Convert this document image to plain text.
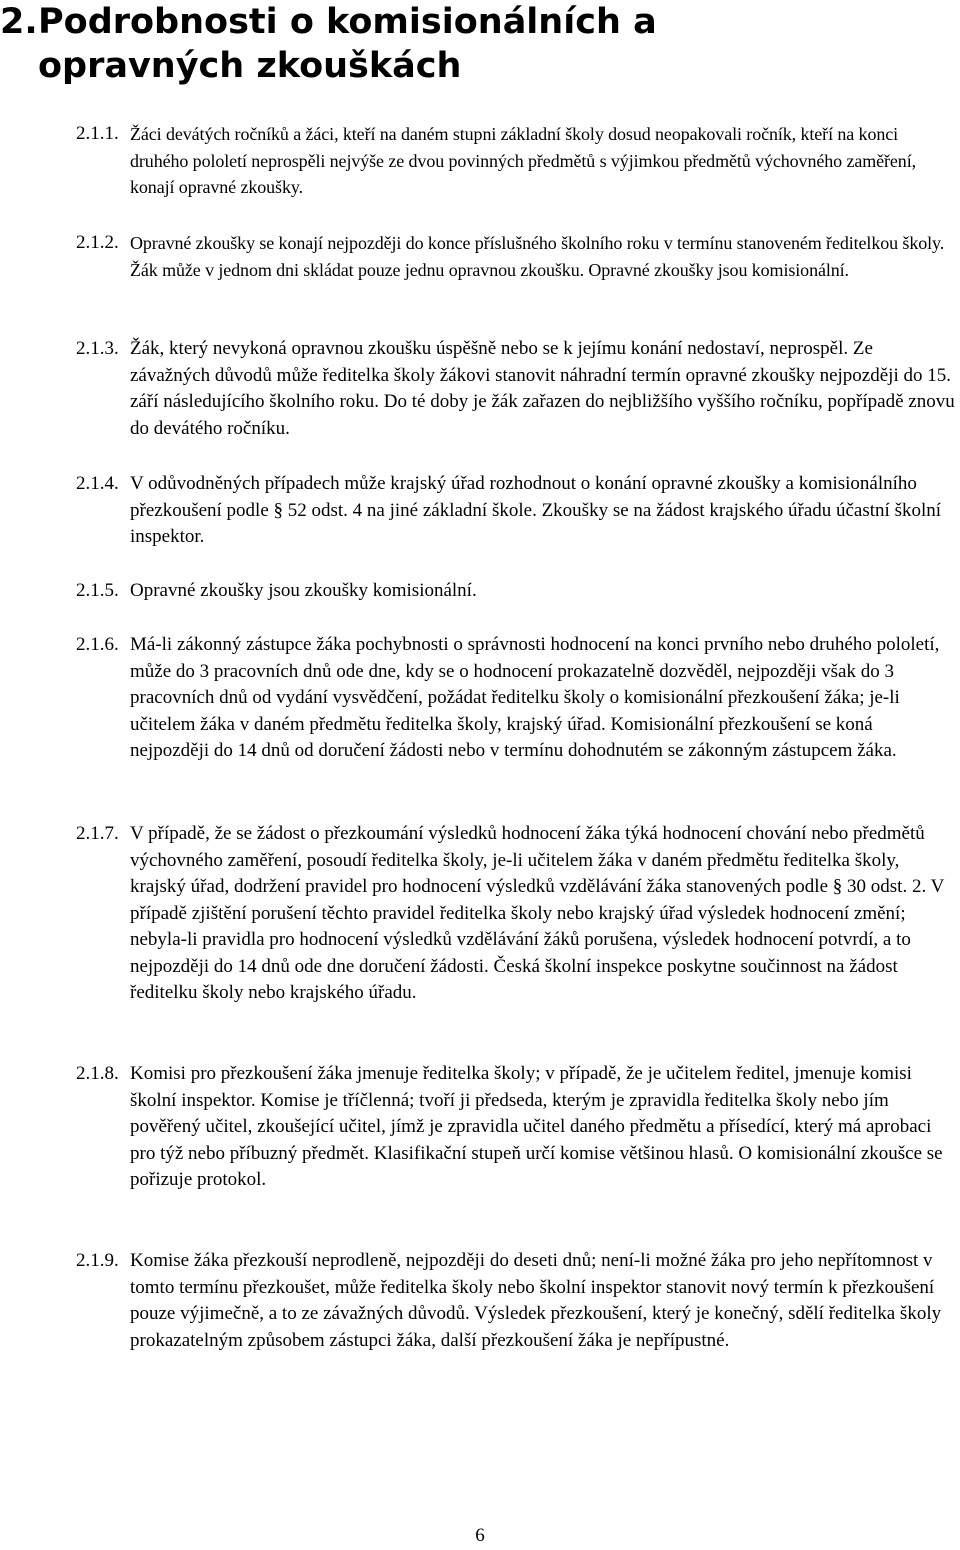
2.Podrobnosti o komisionálních a
opravných zkouškách
2.1.1. Žáci devátých ročníků a žáci, kteří na daném stupni základní školy dosud neopakovali ročník, kteří na konci druhého pololetí neprospěli nejvýše ze dvou povinných předmětů s výjimkou předmětů výchovného zaměření, konají opravné zkoušky.
2.1.2. Opravné zkoušky se konají nejpozději do konce příslušného školního roku v termínu stanoveném ředitelkou školy. Žák může v jednom dni skládat pouze jednu opravnou zkoušku. Opravné zkoušky jsou komisionální.
2.1.3. Žák, který nevykoná opravnou zkoušku úspěšně nebo se k jejímu konání nedostaví, neprospěl. Ze závažných důvodů může ředitelka školy žákovi stanovit náhradní termín opravné zkoušky nejpozději do 15. září následujícího školního roku. Do té doby je žák zařazen do nejbližšího vyššího ročníku, popřípadě znovu do devátého ročníku.
2.1.4. V odůvodněných případech může krajský úřad rozhodnout o konání opravné zkoušky a komisionálního přezkoušení podle § 52 odst. 4 na jiné základní škole. Zkoušky se na žádost krajského úřadu účastní školní inspektor.
2.1.5. Opravné zkoušky jsou zkoušky komisionální.
2.1.6. Má-li zákonný zástupce žáka pochybnosti o správnosti hodnocení na konci prvního nebo druhého pololetí, může do 3 pracovních dnů ode dne, kdy se o hodnocení prokazatelně dozvěděl, nejpozději však do 3 pracovních dnů od vydání vysvědčení, požádat ředitelku školy o komisionální přezkoušení žáka; je-li učitelem žáka v daném předmětu ředitelka školy, krajský úřad. Komisionální přezkoušení se koná nejpozději do 14 dnů od doručení žádosti nebo v termínu dohodnutém se zákonným zástupcem žáka.
2.1.7. V případě, že se žádost o přezkoumání výsledků hodnocení žáka týká hodnocení chování nebo předmětů výchovného zaměření, posoudí ředitelka školy, je-li učitelem žáka v daném předmětu ředitelka školy, krajský úřad, dodržení pravidel pro hodnocení výsledků vzdělávání žáka stanovených podle § 30 odst. 2. V případě zjištění porušení těchto pravidel ředitelka školy nebo krajský úřad výsledek hodnocení změní; nebyla-li pravidla pro hodnocení výsledků vzdělávání žáků porušena, výsledek hodnocení potvrdí, a to nejpozději do 14 dnů ode dne doručení žádosti. Česká školní inspekce poskytne součinnost na žádost ředitelku školy nebo krajského úřadu.
2.1.8. Komisi pro přezkoušení žáka jmenuje ředitelka školy; v případě, že je učitelem ředitel, jmenuje komisi školní inspektor. Komise je tříčlenná; tvoří ji předseda, kterým je zpravidla ředitelka školy nebo jím pověřený učitel, zkoušející učitel, jímž je zpravidla učitel daného předmětu a přísedící, který má aprobaci pro týž nebo příbuzný předmět. Klasifikační stupeň určí komise většinou hlasů. O komisionální zkoušce se pořizuje protokol.
2.1.9. Komise žáka přezkouší neprodleně, nejpozději do deseti dnů; není-li možné žáka pro jeho nepřítomnost v tomto termínu přezkoušet, může ředitelka školy nebo školní inspektor stanovit nový termín k přezkoušení pouze výjimečně, a to ze závažných důvodů. Výsledek přezkoušení, který je konečný, sdělí ředitelka školy prokazatelným způsobem zástupci žáka, další přezkoušení žáka je nepřípustné.
6
